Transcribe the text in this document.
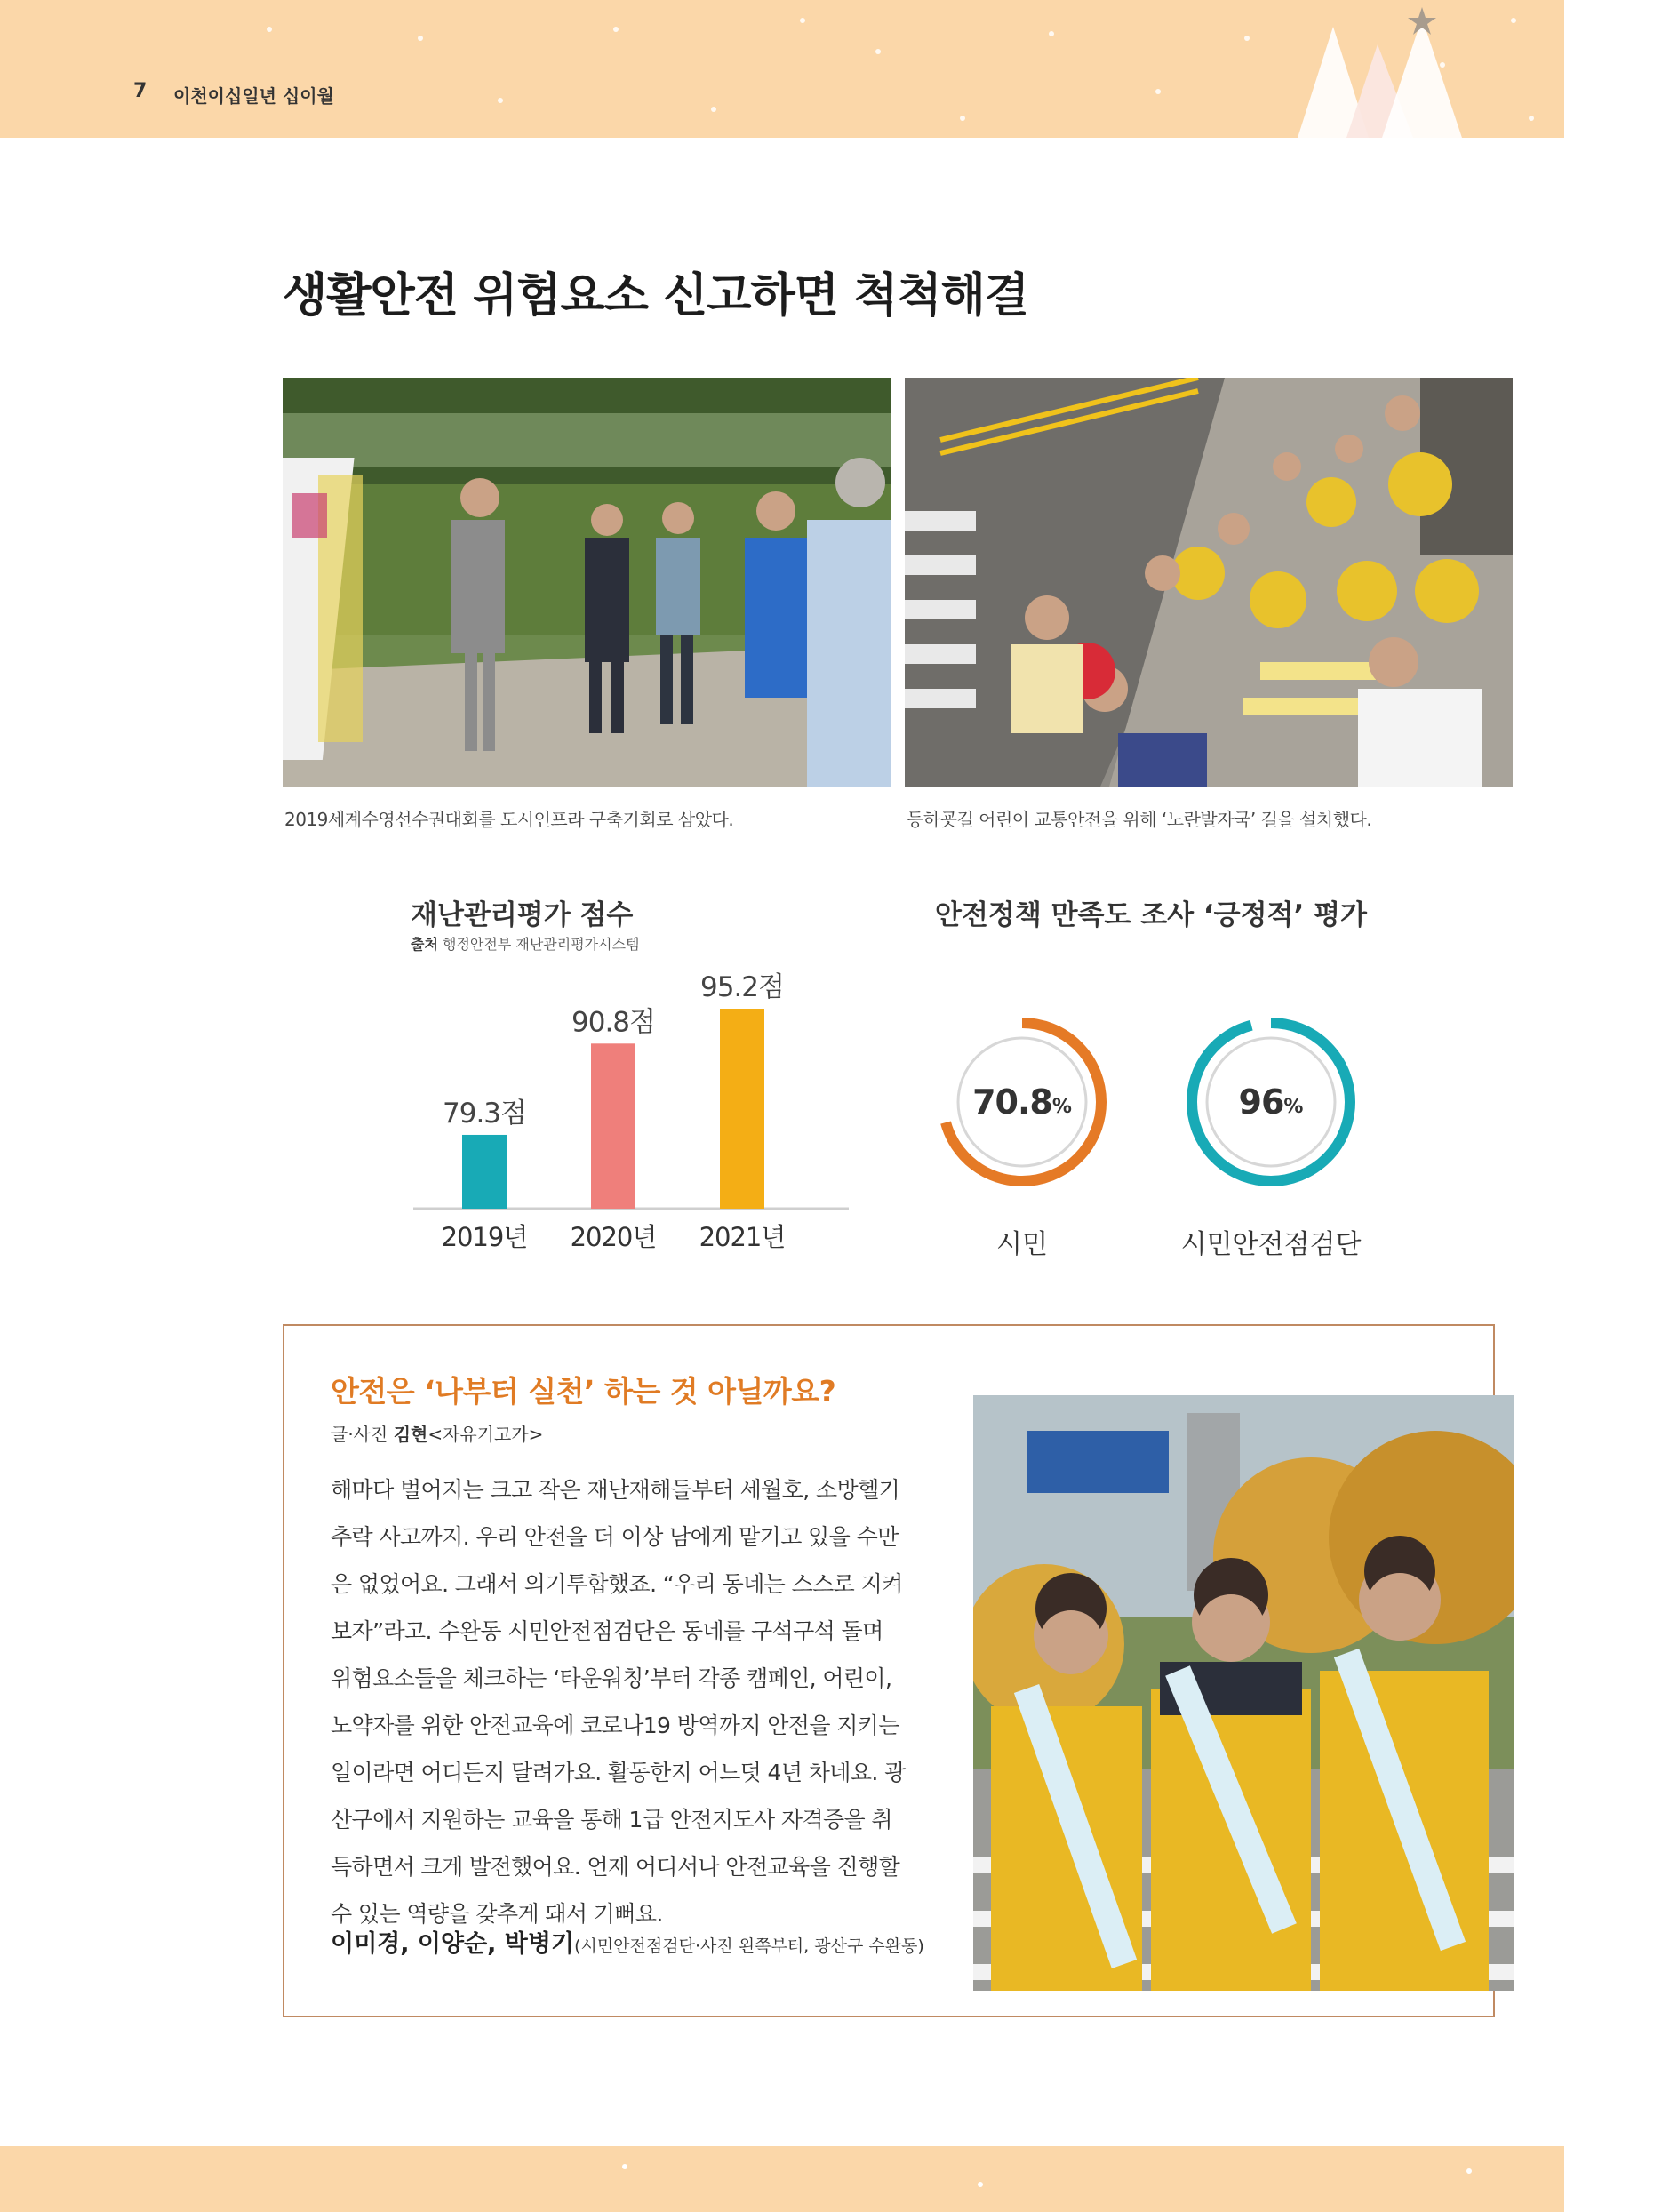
7 이천이십일년 십이월
생활안전 위험요소 신고하면 척척해결
2019세계수영선수권대회를 도시인프라 구축기회로 삼았다.	등하굣길 어린이 교통안전을 위해 ‘노란발자국’ 길을 설치했다.
재난관리평가 점수
출처 행정안전부 재난관리평가시스템
79.3점
2019년
90.8점
2020년
95.2점
2021년
안전정책 만족도 조사 ‘긍정적’ 평가
70.8 %
시민
96 %
시민안전점검단
안전은 ‘나부터 실천’ 하는 것 아닐까요?
글·사진 김현<자유기고가>

해마다 벌어지는 크고 작은 재난재해들부터 세월호, 소방헬기

추락 사고까지. 우리 안전을 더 이상 남에게 맡기고 있을 수만

은 없었어요. 그래서 의기투합했죠. “우리 동네는 스스로 지켜

보자”라고. 수완동 시민안전점검단은 동네를 구석구석 돌며

위험요소들을 체크하는 ‘타운워칭’부터 각종 캠페인, 어린이,

노약자를 위한 안전교육에 코로나19 방역까지 안전을 지키는

일이라면 어디든지 달려가요. 활동한지 어느덧 4년 차네요. 광

산구에서 지원하는 교육을 통해 1급 안전지도사 자격증을 취

득하면서 크게 발전했어요. 언제 어디서나 안전교육을 진행할

수 있는 역량을 갖추게 돼서 기뻐요.

이미경, 이양순, 박병기(시민안전점검단·사진 왼쪽부터, 광산구 수완동)
